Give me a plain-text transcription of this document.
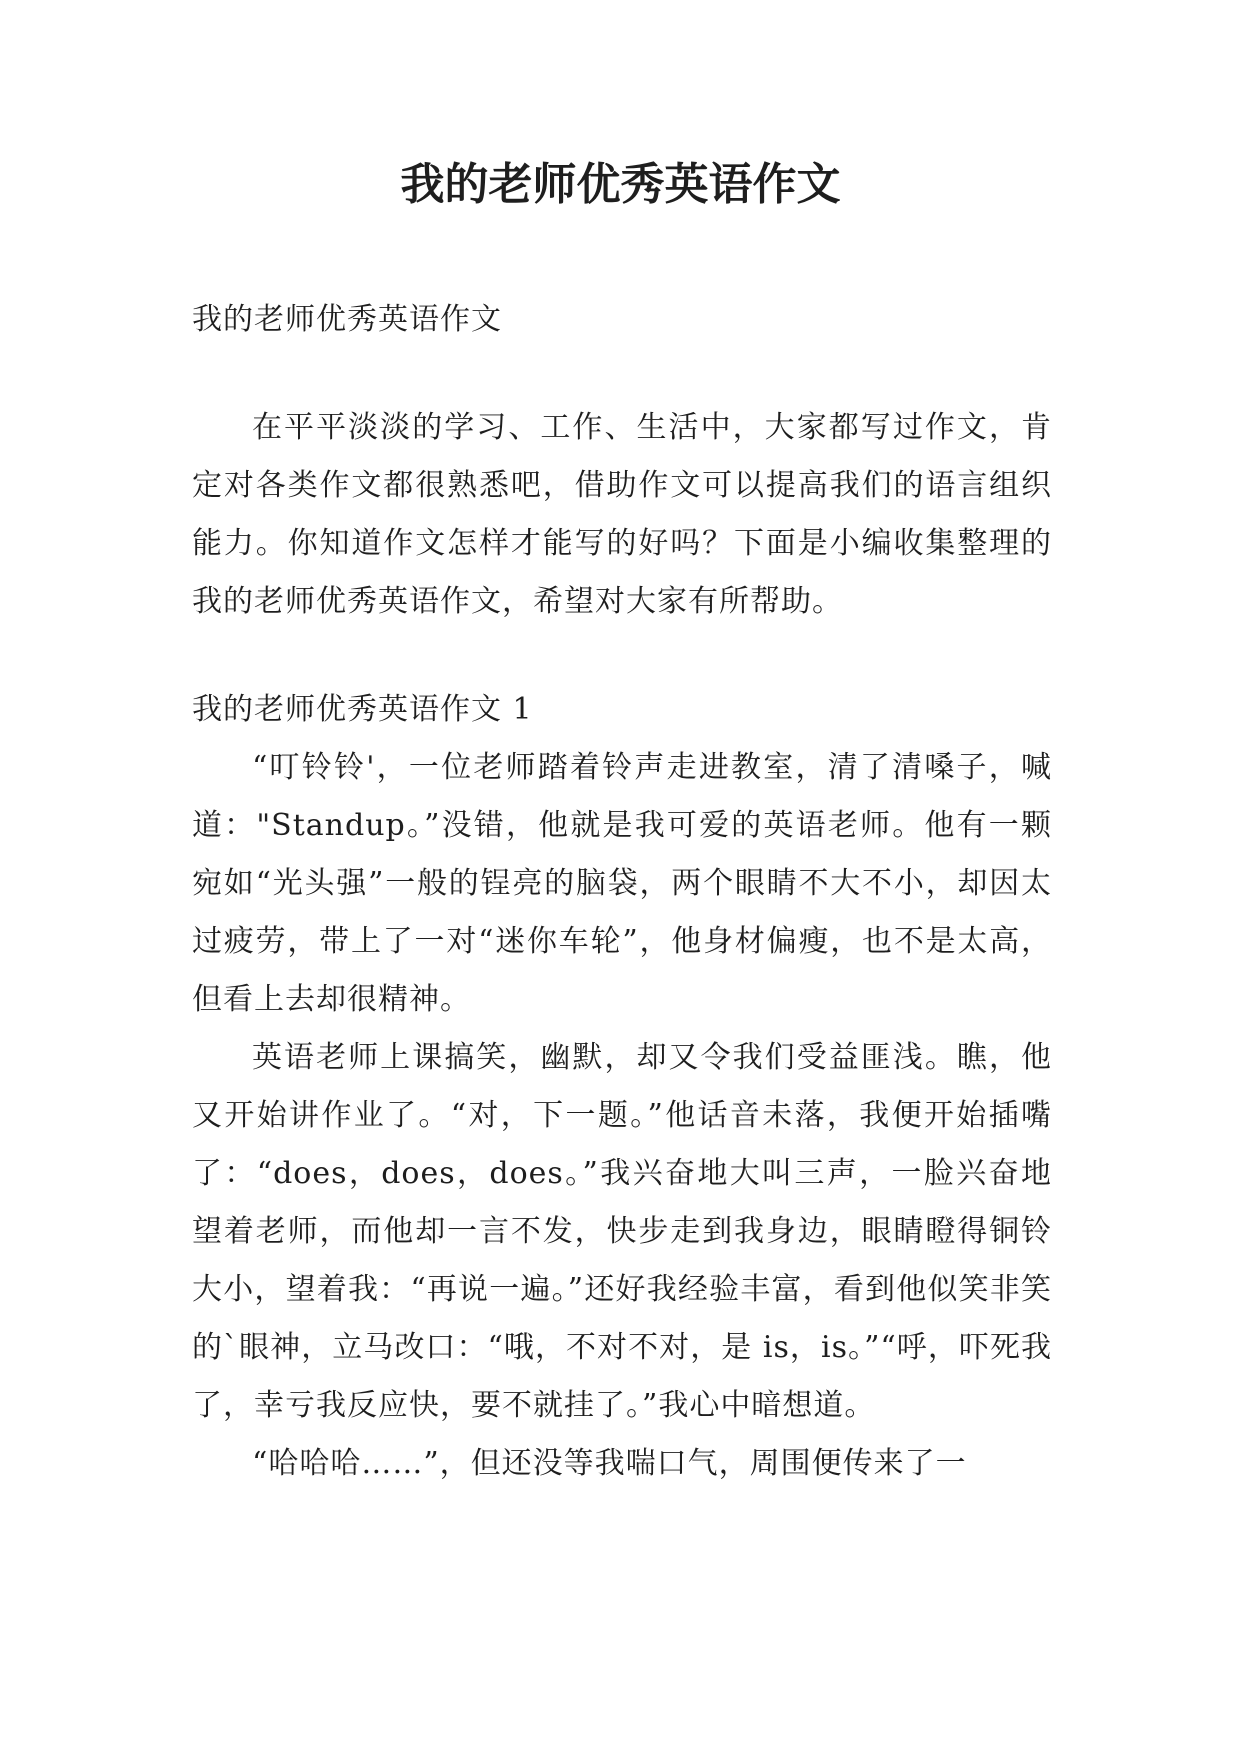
我的老师优秀英语作文

我的老师优秀英语作文

在平平淡淡的学习、工作、生活中，大家都写过作文，肯定对各类作文都很熟悉吧，借助作文可以提高我们的语言组织能力。你知道作文怎样才能写的好吗？下面是小编收集整理的我的老师优秀英语作文，希望对大家有所帮助。

我的老师优秀英语作文 1

“叮铃铃'，一位老师踏着铃声走进教室，清了清嗓子，喊道："Standup。”没错，他就是我可爱的英语老师。他有一颗宛如“光头强”一般的锃亮的脑袋，两个眼睛不大不小，却因太过疲劳，带上了一对“迷你车轮”，他身材偏瘦，也不是太高，但看上去却很精神。

英语老师上课搞笑，幽默，却又令我们受益匪浅。瞧，他又开始讲作业了。“对，下一题。”他话音未落，我便开始插嘴了：“does，does，does。”我兴奋地大叫三声，一脸兴奋地望着老师，而他却一言不发，快步走到我身边，眼睛瞪得铜铃大小，望着我：“再说一遍。”还好我经验丰富，看到他似笑非笑的`眼神，立马改口：“哦，不对不对，是 is，is。”“呼，吓死我了，幸亏我反应快，要不就挂了。”我心中暗想道。

“哈哈哈……”，但还没等我喘口气，周围便传来了一
